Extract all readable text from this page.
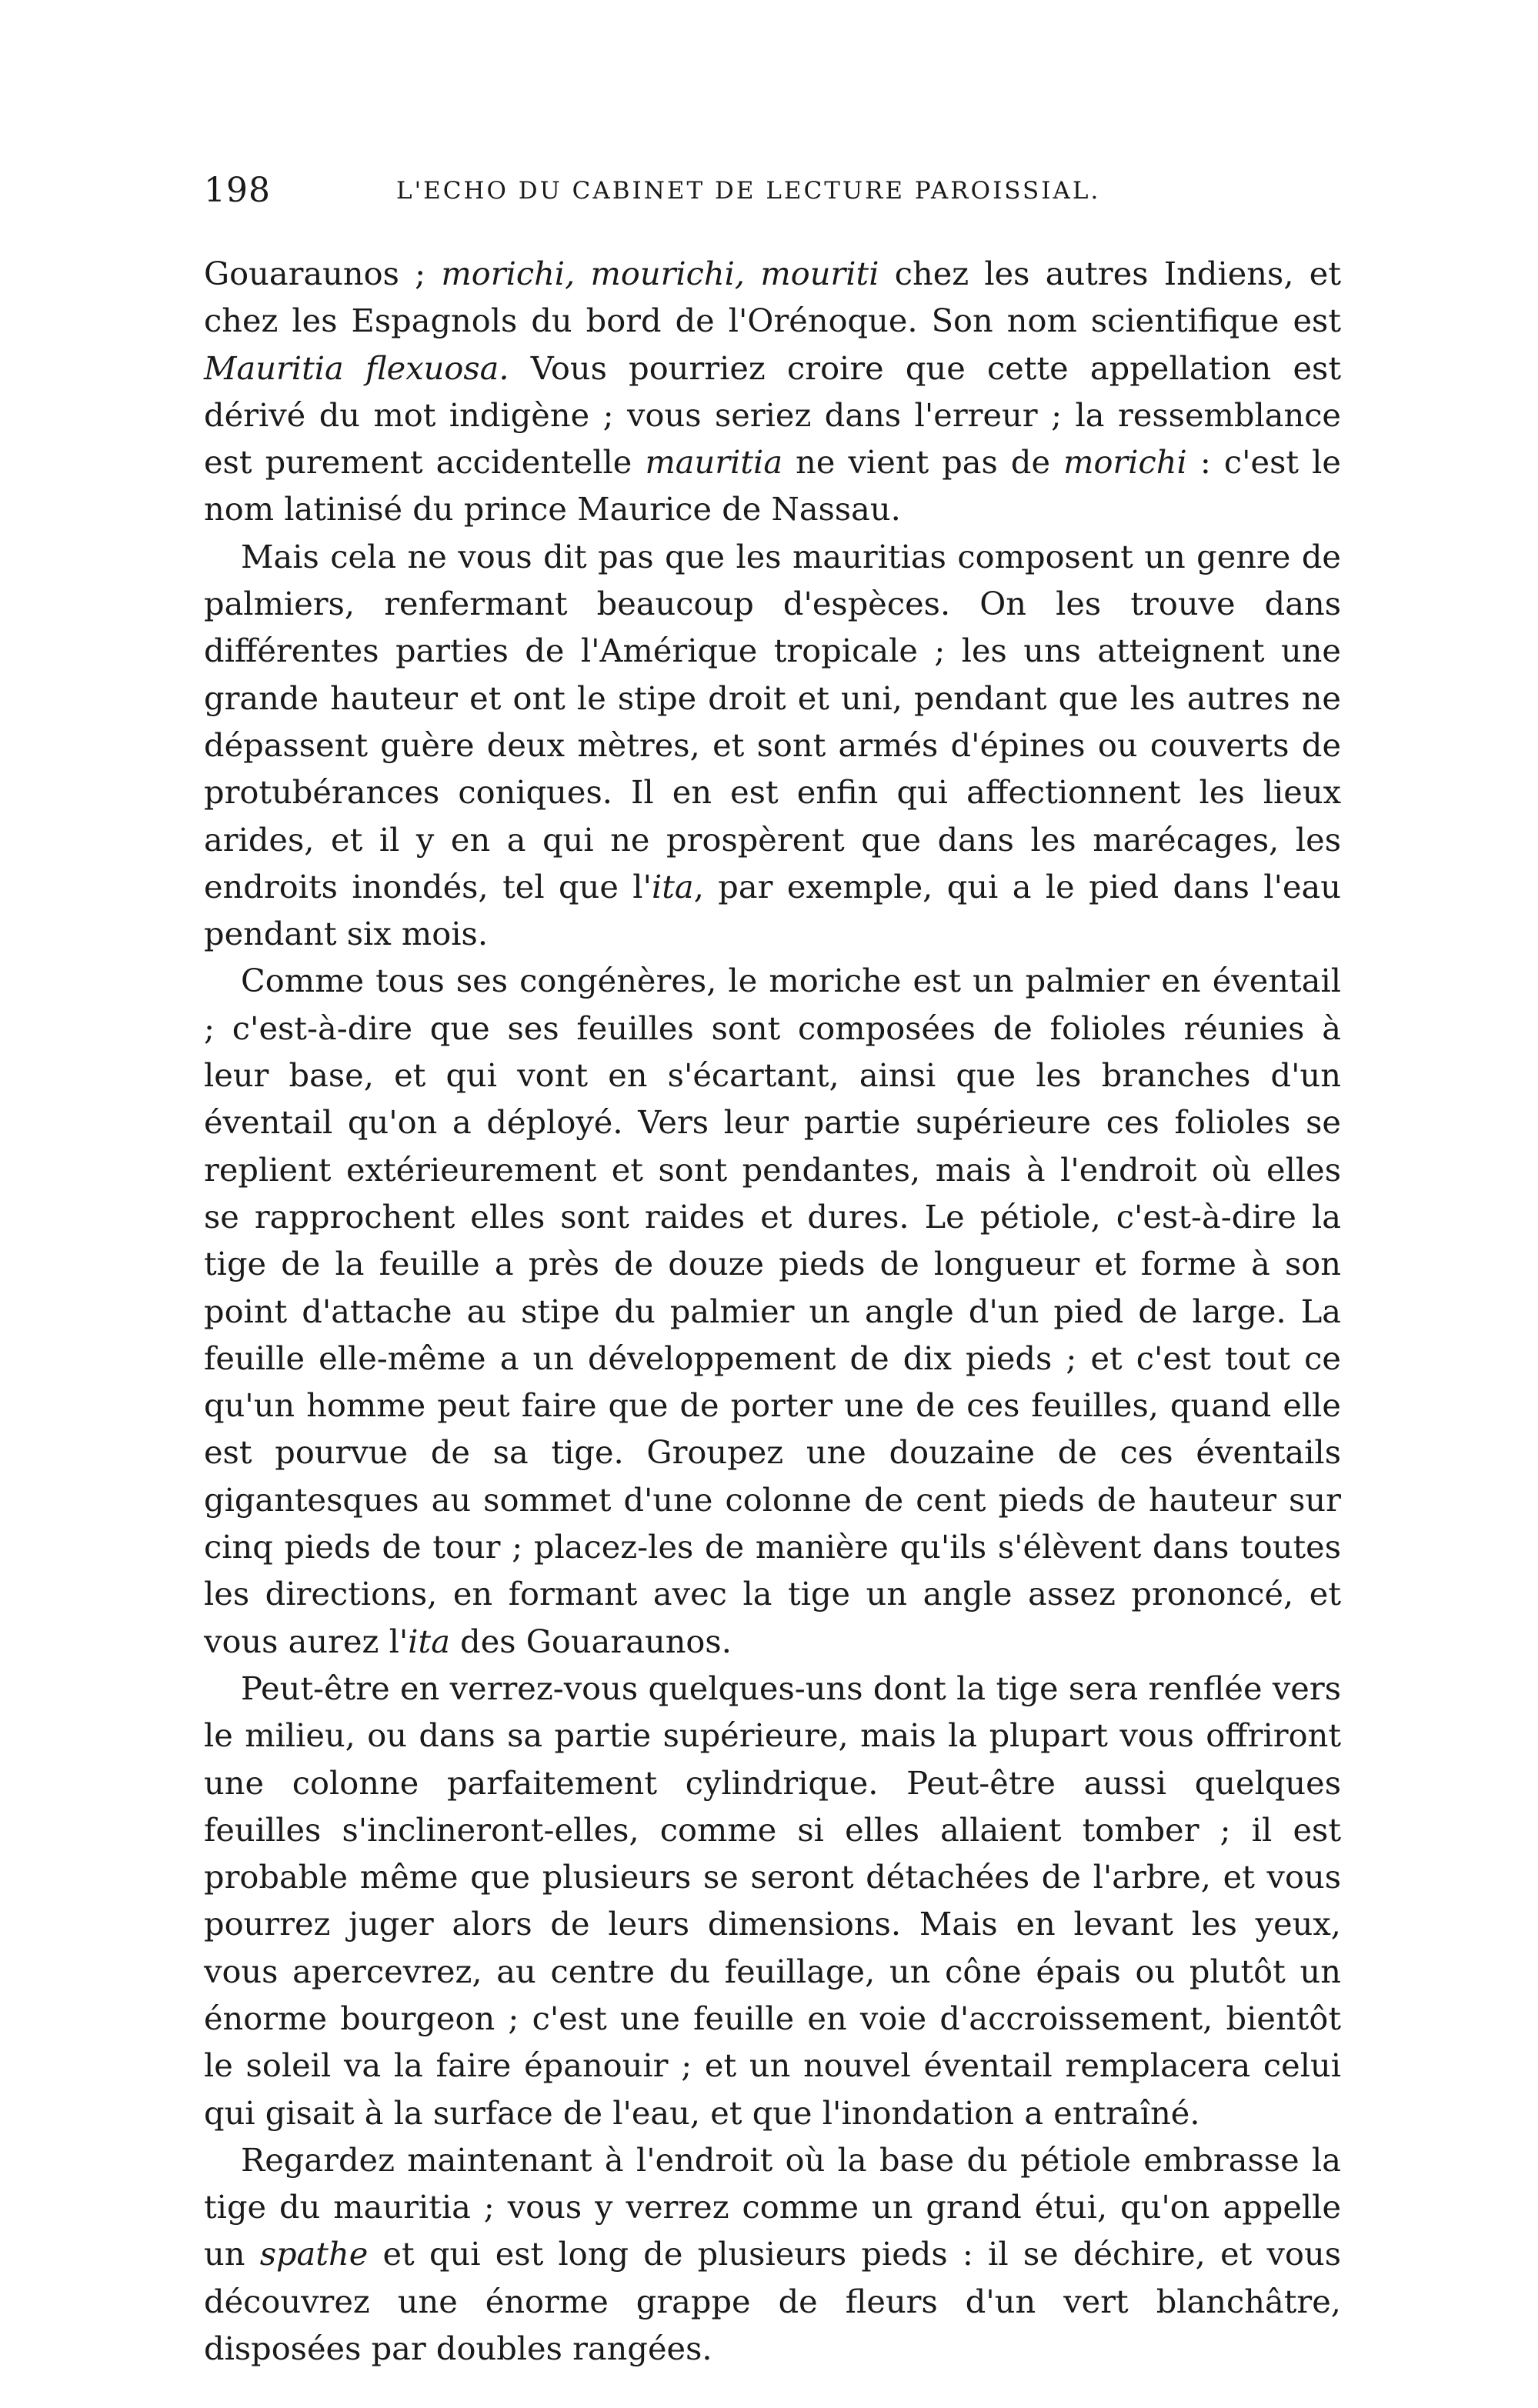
198	L'ECHO DU CABINET DE LECTURE PAROISSIAL.

Gouaraunos ; morichi, mourichi, mouriti chez les autres Indiens, et chez les Espagnols du bord de l'Orénoque. Son nom scientifique est Mauritia flexuosa. Vous pourriez croire que cette appellation est dérivé du mot indigène ; vous seriez dans l'erreur ; la ressemblance est purement accidentelle mauritia ne vient pas de morichi : c'est le nom latinisé du prince Maurice de Nassau.

Mais cela ne vous dit pas que les mauritias composent un genre de palmiers, renfermant beaucoup d'espèces. On les trouve dans différentes parties de l'Amérique tropicale ; les uns atteignent une grande hauteur et ont le stipe droit et uni, pendant que les autres ne dépassent guère deux mètres, et sont armés d'épines ou couverts de protubérances coniques. Il en est enfin qui affectionnent les lieux arides, et il y en a qui ne prospèrent que dans les marécages, les endroits inondés, tel que l'ita, par exemple, qui a le pied dans l'eau pendant six mois.

Comme tous ses congénères, le moriche est un palmier en éventail ; c'est-à-dire que ses feuilles sont composées de folioles réunies à leur base, et qui vont en s'écartant, ainsi que les branches d'un éventail qu'on a déployé. Vers leur partie supérieure ces folioles se replient extérieurement et sont pendantes, mais à l'endroit où elles se rapprochent elles sont raides et dures. Le pétiole, c'est-à-dire la tige de la feuille a près de douze pieds de longueur et forme à son point d'attache au stipe du palmier un angle d'un pied de large. La feuille elle-même a un développement de dix pieds ; et c'est tout ce qu'un homme peut faire que de porter une de ces feuilles, quand elle est pourvue de sa tige. Groupez une douzaine de ces éventails gigantesques au sommet d'une colonne de cent pieds de hauteur sur cinq pieds de tour ; placez-les de manière qu'ils s'élèvent dans toutes les directions, en formant avec la tige un angle assez prononcé, et vous aurez l'ita des Gouaraunos.

Peut-être en verrez-vous quelques-uns dont la tige sera renflée vers le milieu, ou dans sa partie supérieure, mais la plupart vous offriront une colonne parfaitement cylindrique. Peut-être aussi quelques feuilles s'inclineront-elles, comme si elles allaient tomber ; il est probable même que plusieurs se seront détachées de l'arbre, et vous pourrez juger alors de leurs dimensions. Mais en levant les yeux, vous apercevrez, au centre du feuillage, un cône épais ou plutôt un énorme bourgeon ; c'est une feuille en voie d'accroissement, bientôt le soleil va la faire épanouir ; et un nouvel éventail remplacera celui qui gisait à la surface de l'eau, et que l'inondation a entraîné.

Regardez maintenant à l'endroit où la base du pétiole embrasse la tige du mauritia ; vous y verrez comme un grand étui, qu'on appelle un spathe et qui est long de plusieurs pieds : il se déchire, et vous découvrez une énorme grappe de fleurs d'un vert blanchâtre, disposées par doubles rangées.
